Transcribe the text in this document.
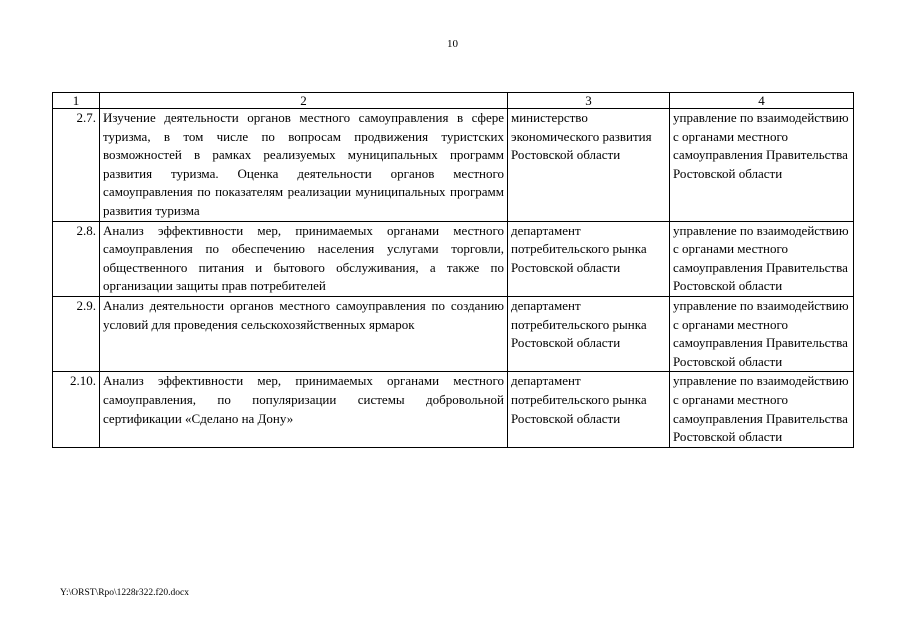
10
1	2	3	4
2.7.	Изучение деятельности органов местного самоуправления в сфере туризма, в том числе по вопросам продвижения туристских возможностей в рамках реализуемых муниципальных программ развития туризма. Оценка деятельности органов местного самоуправления по показателям реализации муниципальных программ развития туризма	министерство экономического развития Ростовской области	управление по взаимодействию с органами местного самоуправления Правительства Ростовской области
2.8.	Анализ эффективности мер, принимаемых органами местного самоуправления по обеспечению населения услугами торговли, общественного питания и бытового обслуживания, а также по организации защиты прав потребителей	департамент потребительского рынка Ростовской области	управление по взаимодействию с органами местного самоуправления Правительства Ростовской области
2.9.	Анализ деятельности органов местного самоуправления по созданию условий для проведения сельскохозяйственных ярмарок	департамент потребительского рынка Ростовской области	управление по взаимодействию с органами местного самоуправления Правительства Ростовской области
2.10.	Анализ эффективности мер, принимаемых органами местного самоуправления, по популяризации системы добровольной сертификации «Сделано на Дону»	департамент потребительского рынка Ростовской области	управление по взаимодействию с органами местного самоуправления Правительства Ростовской области
Y:\ORST\Rpo\1228r322.f20.docx
